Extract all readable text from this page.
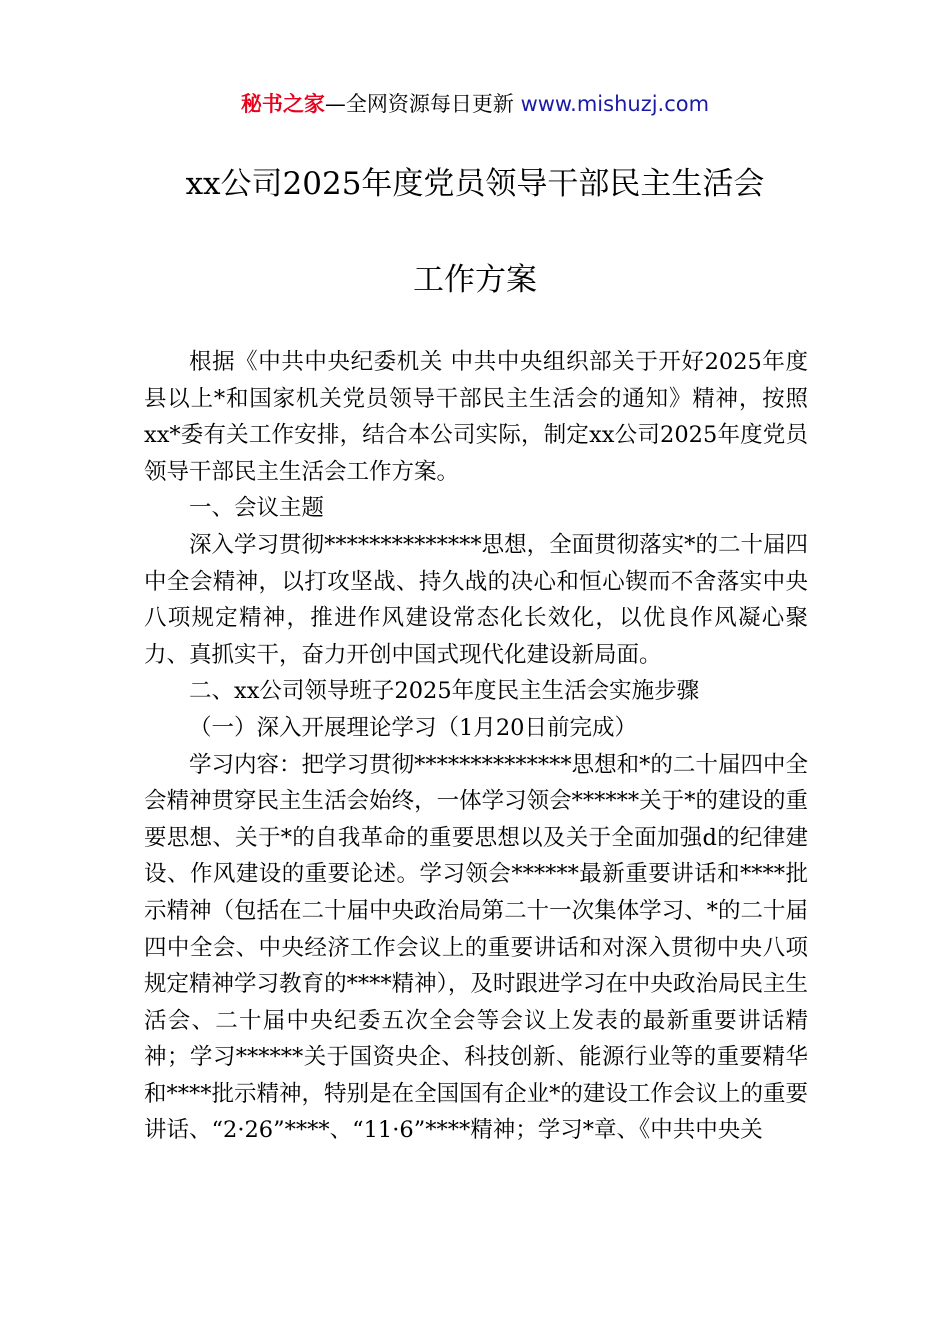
秘书之家—全网资源每日更新 www.mishuzj.com
xx公司2025年度党员领导干部民主生活会
工作方案

根据《中共中央纪委机关 中共中央组织部关于开好2025年度县以上*和国家机关党员领导干部民主生活会的通知》精神，按照xx*委有关工作安排，结合本公司实际，制定xx公司2025年度党员领导干部民主生活会工作方案。

一、会议主题

深入学习贯彻**************思想，全面贯彻落实*的二十届四中全会精神，以打攻坚战、持久战的决心和恒心锲而不舍落实中央八项规定精神，推进作风建设常态化长效化，以优良作风凝心聚力、真抓实干，奋力开创中国式现代化建设新局面。

二、xx公司领导班子2025年度民主生活会实施步骤

（一）深入开展理论学习（1月20日前完成）

学习内容：把学习贯彻**************思想和*的二十届四中全会精神贯穿民主生活会始终，一体学习领会******关于*的建设的重要思想、关于*的自我革命的重要思想以及关于全面加强d的纪律建设、作风建设的重要论述。学习领会******最新重要讲话和****批示精神（包括在二十届中央政治局第二十一次集体学习、*的二十届四中全会、中央经济工作会议上的重要讲话和对深入贯彻中央八项规定精神学习教育的****精神），及时跟进学习在中央政治局民主生活会、二十届中央纪委五次全会等会议上发表的最新重要讲话精神；学习******关于国资央企、科技创新、能源行业等的重要精华和****批示精神，特别是在全国国有企业*的建设工作会议上的重要讲话、“2·26”****、“11·6”****精神；学习*章、《中共中央关
